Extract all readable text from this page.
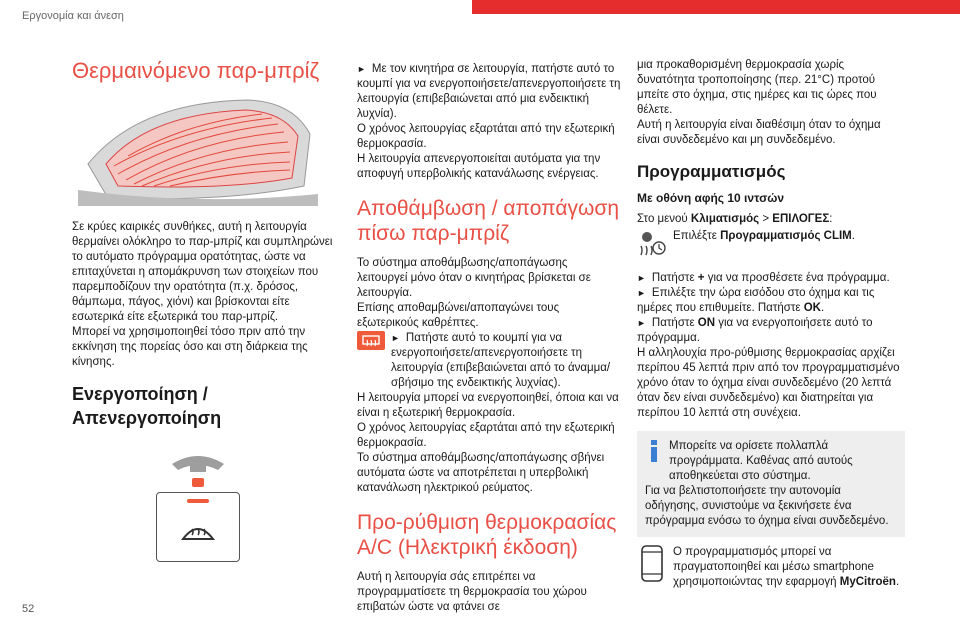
Εργονομία και άνεση
52
Θερμαινόμενο παρ-μπρίζ

Σε κρύες καιρικές συνθήκες, αυτή η λειτουργία θερμαίνει ολόκληρο το παρ-μπρίζ και συμπληρώνει το αυτόματο πρόγραμμα ορατότητας, ώστε να επιταχύνεται η απομάκρυνση των στοιχείων που παρεμποδίζουν την ορατότητα (π.χ. δρόσος, θάμπωμα, πάγος, χιόνι) και βρίσκονται είτε εσωτερικά είτε εξωτερικά του παρ-μπρίζ.

Μπορεί να χρησιμοποιηθεί τόσο πριν από την εκκίνηση της πορείας όσο και στη διάρκεια της κίνησης.

Ενεργοποίηση / Απενεργοποίηση

► Με τον κινητήρα σε λειτουργία, πατήστε αυτό το κουμπί για να ενεργοποιήσετε/απενεργοποιήσετε τη λειτουργία (επιβεβαιώνεται από μια ενδεικτική λυχνία).

Ο χρόνος λειτουργίας εξαρτάται από την εξωτερική θερμοκρασία.

Η λειτουργία απενεργοποιείται αυτόματα για την αποφυγή υπερβολικής κατανάλωσης ενέργειας.

Αποθάμβωση / αποπάγωση πίσω παρ-μπρίζ

Το σύστημα αποθάμβωσης/αποπάγωσης λειτουργεί μόνο όταν ο κινητήρας βρίσκεται σε λειτουργία.

Επίσης αποθαμβώνει/αποπαγώνει τους εξωτερικούς καθρέπτες.

► Πατήστε αυτό το κουμπί για να ενεργοποιήσετε/απενεργοποιήσετε τη λειτουργία (επιβεβαιώνεται από το άναμμα/σβήσιμο της ενδεικτικής λυχνίας).

Η λειτουργία μπορεί να ενεργοποιηθεί, όποια και να είναι η εξωτερική θερμοκρασία.

Ο χρόνος λειτουργίας εξαρτάται από την εξωτερική θερμοκρασία.

Το σύστημα αποθάμβωσης/αποπάγωσης σβήνει αυτόματα ώστε να αποτρέπεται η υπερβολική κατανάλωση ηλεκτρικού ρεύματος.

Προ-ρύθμιση θερμοκρασίας A/C (Ηλεκτρική έκδοση)

Αυτή η λειτουργία σάς επιτρέπει να προγραμματίσετε τη θερμοκρασία του χώρου επιβατών ώστε να φτάνει σε

μια προκαθορισμένη θερμοκρασία χωρίς δυνατότητα τροποποίησης (περ. 21°C) προτού μπείτε στο όχημα, στις ημέρες και τις ώρες που θέλετε.

Αυτή η λειτουργία είναι διαθέσιμη όταν το όχημα είναι συνδεδεμένο και μη συνδεδεμένο.

Προγραμματισμός
Με οθόνη αφής 10 ιντσών

Στο μενού Κλιματισμός > ΕΠΙΛΟΓΕΣ:

Επιλέξτε Προγραμματισμός CLIM.

► Πατήστε + για να προσθέσετε ένα πρόγραμμα.

► Επιλέξτε την ώρα εισόδου στο όχημα και τις ημέρες που επιθυμείτε. Πατήστε OK.

► Πατήστε ON για να ενεργοποιήσετε αυτό το πρόγραμμα.

Η αλληλουχία προ-ρύθμισης θερμοκρασίας αρχίζει περίπου 45 λεπτά πριν από τον προγραμματισμένο χρόνο όταν το όχημα είναι συνδεδεμένο (20 λεπτά όταν δεν είναι συνδεδεμένο) και διατηρείται για περίπου 10 λεπτά στη συνέχεια.

Μπορείτε να ορίσετε πολλαπλά προγράμματα. Καθένας από αυτούς αποθηκεύεται στο σύστημα.

Για να βελτιστοποιήσετε την αυτονομία οδήγησης, συνιστούμε να ξεκινήσετε ένα πρόγραμμα ενόσω το όχημα είναι συνδεδεμένο.

Ο προγραμματισμός μπορεί να πραγματοποιηθεί και μέσω smartphone χρησιμοποιώντας την εφαρμογή MyCitroën.
